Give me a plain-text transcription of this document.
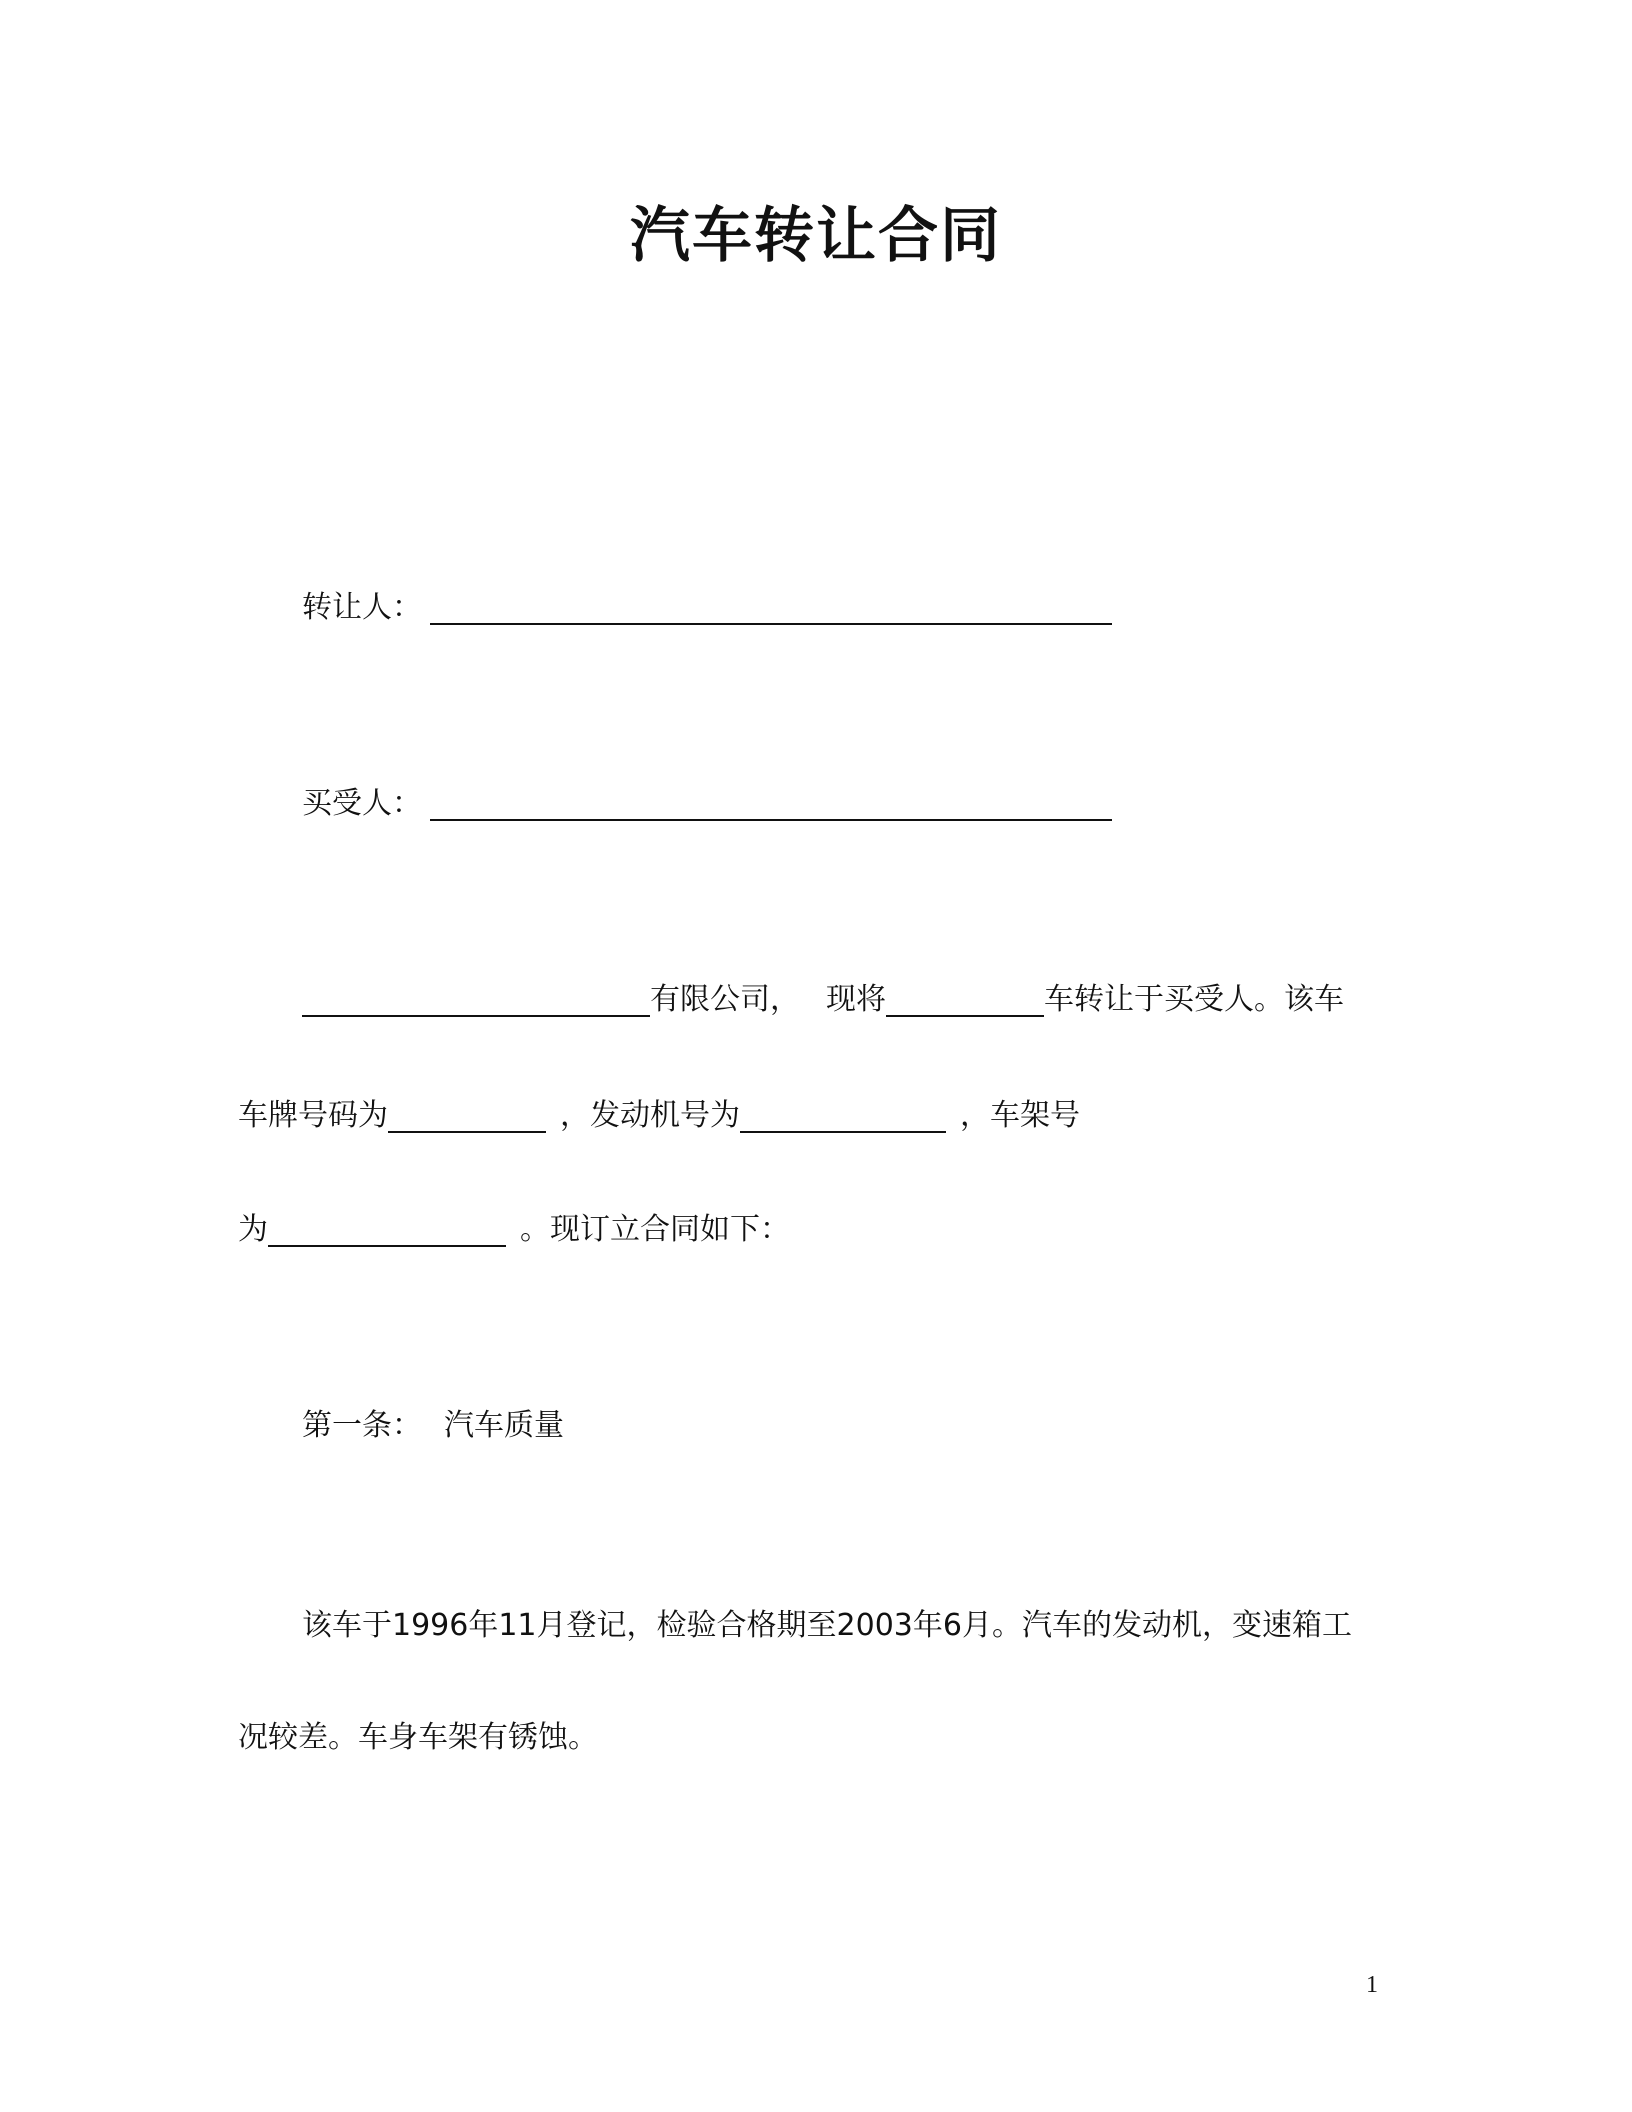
汽车转让合同
转让人：
买受人：
有限公司， 现将	车转让于买受人。该车
车牌号码为	，发动机号为	，车架号
为	。现订立合同如下：
第一条： 汽车质量
该车于1996年11月登记，检验合格期至2003年6月。汽车的发动机，变速箱工
况较差。车身车架有锈蚀。
1
